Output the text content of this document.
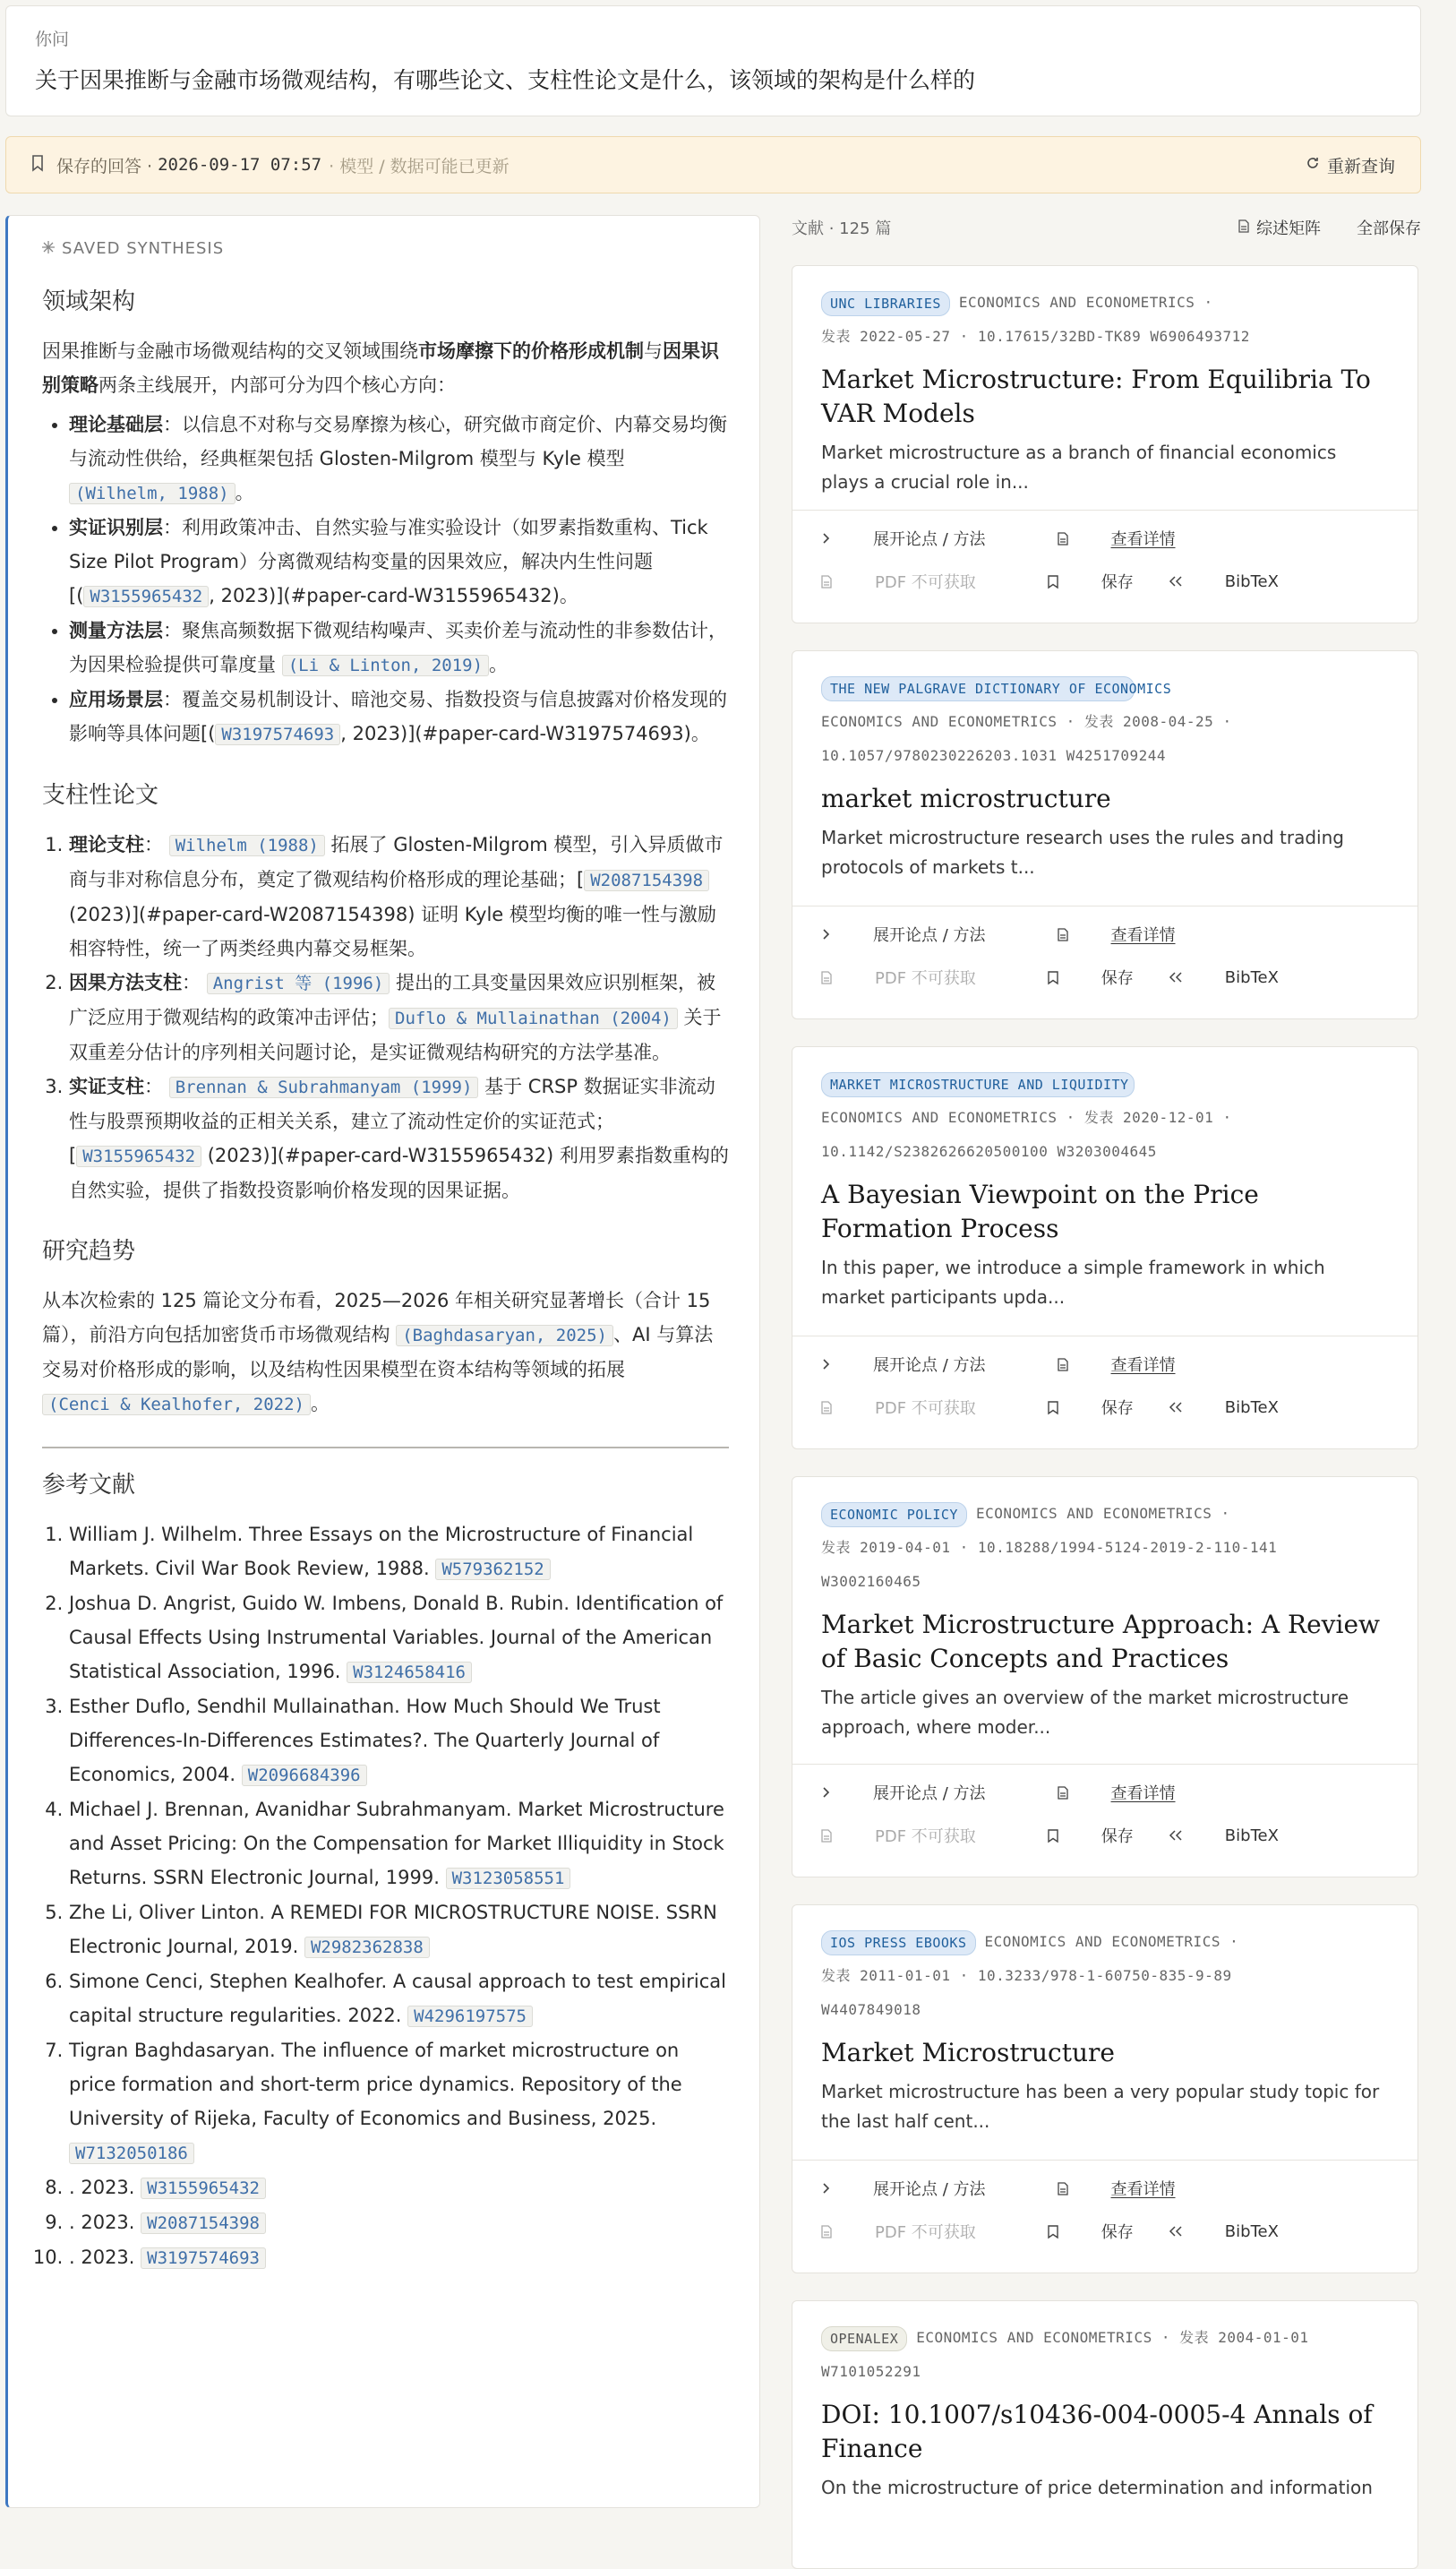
你问
关于因果推断与金融市场微观结构，有哪些论文、支柱性论文是什么，该领域的架构是什么样的
保存的回答 · 2026-09-17 07:57 · 模型 / 数据可能已更新	重新查询
SAVED SYNTHESIS
领域架构
因果推断与金融市场微观结构的交叉领域围绕市场摩擦下的价格形成机制与因果识别策略两条主线展开，内部可分为四个核心方向：
• 理论基础层：以信息不对称与交易摩擦为核心，研究做市商定价、内幕交易均衡与流动性供给，经典框架包括 Glosten-Milgrom 模型与 Kyle 模型 (Wilhelm, 1988) 。
• 实证识别层：利用政策冲击、自然实验与准实验设计（如罗素指数重构、Tick Size Pilot Program）分离微观结构变量的因果效应，解决内生性问题[( W3155965432 , 2023)](#paper-card-W3155965432)。
• 测量方法层：聚焦高频数据下微观结构噪声、买卖价差与流动性的非参数估计，为因果检验提供可靠度量 (Li & Linton, 2019) 。
• 应用场景层：覆盖交易机制设计、暗池交易、指数投资与信息披露对价格发现的影响等具体问题[( W3197574693 , 2023)](#paper-card-W3197574693)。
支柱性论文
1. 理论支柱： Wilhelm (1988) 拓展了 Glosten-Milgrom 模型，引入异质做市商与非对称信息分布，奠定了微观结构价格形成的理论基础；[ W2087154398 (2023)](#paper-card-W2087154398) 证明 Kyle 模型均衡的唯一性与激励相容特性，统一了两类经典内幕交易框架。
2. 因果方法支柱： Angrist 等 (1996) 提出的工具变量因果效应识别框架，被广泛应用于微观结构的政策冲击评估； Duflo & Mullainathan (2004) 关于双重差分估计的序列相关问题讨论，是实证微观结构研究的方法学基准。
3. 实证支柱： Brennan & Subrahmanyam (1999) 基于 CRSP 数据证实非流动性与股票预期收益的正相关关系，建立了流动性定价的实证范式；[ W3155965432 (2023)](#paper-card-W3155965432) 利用罗素指数重构的自然实验，提供了指数投资影响价格发现的因果证据。
研究趋势
从本次检索的 125 篇论文分布看，2025—2026 年相关研究显著增长（合计 15 篇），前沿方向包括加密货币市场微观结构 (Baghdasaryan, 2025) 、AI 与算法交易对价格形成的影响，以及结构性因果模型在资本结构等领域的拓展(Cenci & Kealhofer, 2022) 。
参考文献
1. William J. Wilhelm. Three Essays on the Microstructure of Financial Markets. Civil War Book Review, 1988. W579362152
2. Joshua D. Angrist, Guido W. Imbens, Donald B. Rubin. Identification of Causal Effects Using Instrumental Variables. Journal of the American Statistical Association, 1996. W3124658416
3. Esther Duflo, Sendhil Mullainathan. How Much Should We Trust Differences-In-Differences Estimates?. The Quarterly Journal of Economics, 2004. W2096684396
4. Michael J. Brennan, Avanidhar Subrahmanyam. Market Microstructure and Asset Pricing: On the Compensation for Market Illiquidity in Stock Returns. SSRN Electronic Journal, 1999. W3123058551
5. Zhe Li, Oliver Linton. A REMEDI FOR MICROSTRUCTURE NOISE. SSRN Electronic Journal, 2019. W2982362838
6. Simone Cenci, Stephen Kealhofer. A causal approach to test empirical capital structure regularities. 2022. W4296197575
7. Tigran Baghdasaryan. The influence of market microstructure on price formation and short-term price dynamics. Repository of the University of Rijeka, Faculty of Economics and Business, 2025. W7132050186
8. . 2023. W3155965432
9. . 2023. W2087154398
10. . 2023. W3197574693
文献 · 125 篇	综述矩阵 全部保存
UNC LIBRARIES ECONOMICS AND ECONOMETRICS ·
发表 2022-05-27 · 10.17615/32BD-TK89 W6906493712
Market Microstructure: From Equilibria To VAR Models
Market microstructure as a branch of financial economics plays a crucial role in...
展开论点 / 方法	查看详情
PDF 不可获取	保存	BibTeX
THE NEW PALGRAVE DICTIONARY OF ECONOMICS
ECONOMICS AND ECONOMETRICS · 发表 2008-04-25 ·
10.1057/9780230226203.1031 W4251709244
market microstructure
Market microstructure research uses the rules and trading protocols of markets t...
展开论点 / 方法	查看详情
PDF 不可获取	保存	BibTeX
MARKET MICROSTRUCTURE AND LIQUIDITY
ECONOMICS AND ECONOMETRICS · 发表 2020-12-01 ·
10.1142/S2382626620500100 W3203004645
A Bayesian Viewpoint on the Price Formation Process
In this paper, we introduce a simple framework in which market participants upda...
展开论点 / 方法	查看详情
PDF 不可获取	保存	BibTeX
ECONOMIC POLICY ECONOMICS AND ECONOMETRICS ·
发表 2019-04-01 · 10.18288/1994-5124-2019-2-110-141
W3002160465
Market Microstructure Approach: A Review of Basic Concepts and Practices
The article gives an overview of the market microstructure approach, where moder...
展开论点 / 方法	查看详情
PDF 不可获取	保存	BibTeX
IOS PRESS EBOOKS ECONOMICS AND ECONOMETRICS ·
发表 2011-01-01 · 10.3233/978-1-60750-835-9-89
W4407849018
Market Microstructure
Market microstructure has been a very popular study topic for the last half cent...
展开论点 / 方法	查看详情
PDF 不可获取	保存	BibTeX
OPENALEX ECONOMICS AND ECONOMETRICS · 发表 2004-01-01
W7101052291
DOI: 10.1007/s10436-004-0005-4 Annals of Finance
On the microstructure of price determination and information
